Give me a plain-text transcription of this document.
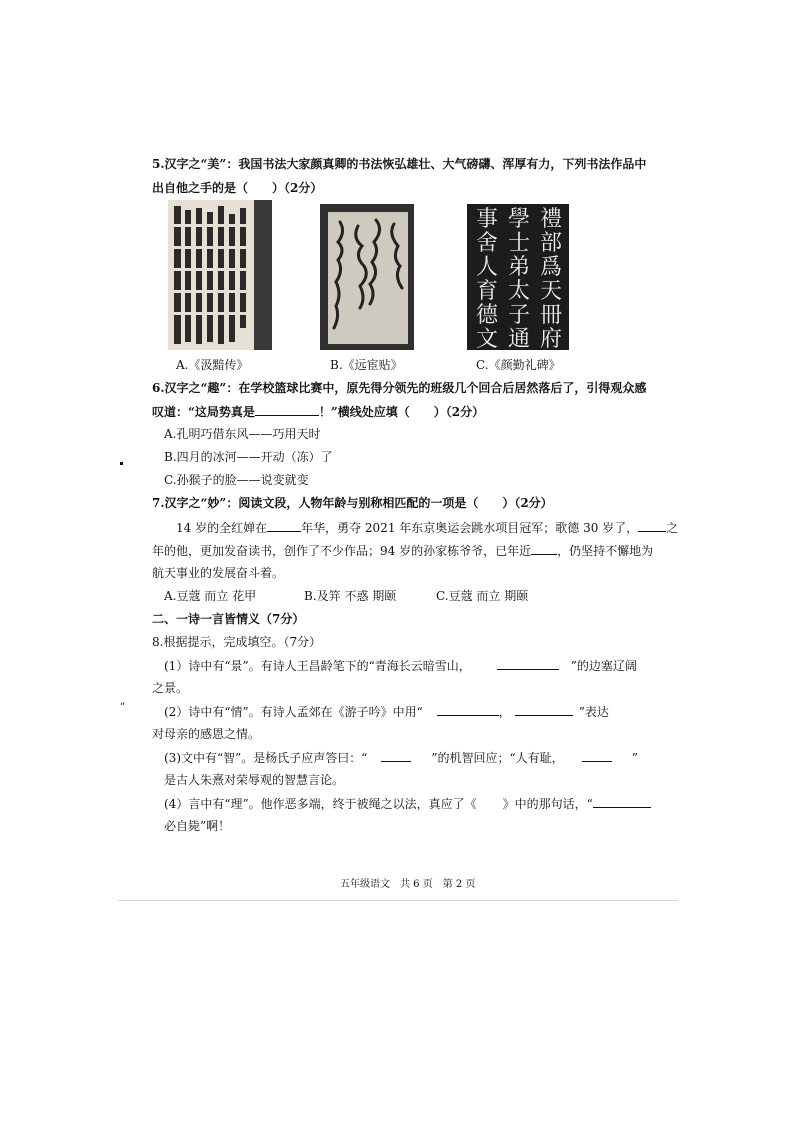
5.汉字之“美”：我国书法大家颜真卿的书法恢弘雄壮、大气磅礴、浑厚有力，下列书法作品中
出自他之手的是（　　）（2分）
禮
部
爲
天
冊
府
學
士
弟
太
子
通
事
舍
人
育
德
文
A.《汲黯传》	B.《远宦贴》	C.《颜勤礼碑》
6.汉字之“趣”：在学校篮球比赛中，原先得分领先的班级几个回合后居然落后了，引得观众感
叹道：“这局势真是	！”横线处应填（　　）（2分）
A.孔明巧借东风——巧用天时
B.四月的冰河——开动（冻）了
C.孙猴子的脸——说变就变
7.汉字之“妙”：阅读文段，人物年龄与别称相匹配的一项是（　　）（2分）
14 岁的全红婵在	年华，勇夺 2021 年东京奥运会跳水项目冠军；歌德 30 岁了， 之
年的他，更加发奋读书，创作了不少作品；94 岁的孙家栋爷爷，已年近 ，仍坚持不懈地为
航天事业的发展奋斗着。
A.豆蔻 而立 花甲	B.及笄 不惑 期颐	C.豆蔻 而立 期颐
二、一诗一言皆情义（7分）
8.根据提示，完成填空。（7分）
(1）诗中有“景”。有诗人王昌龄笔下的“青海长云暗雪山，	”的边塞辽阔
之景。
”	(2）诗中有“情”。有诗人孟郊在《游子吟》中用“	，	”表达
对母亲的感恩之情。
(3)文中有“智”。是杨氏子应声答曰：“	”的机智回应；“人有耻，	”
是古人朱熹对荣辱观的智慧言论。
(4）言中有“理”。他作恶多端，终于被绳之以法，真应了《 》中的那句话，“
必自毙”啊！
五年级语文　共 6 页　第 2 页
